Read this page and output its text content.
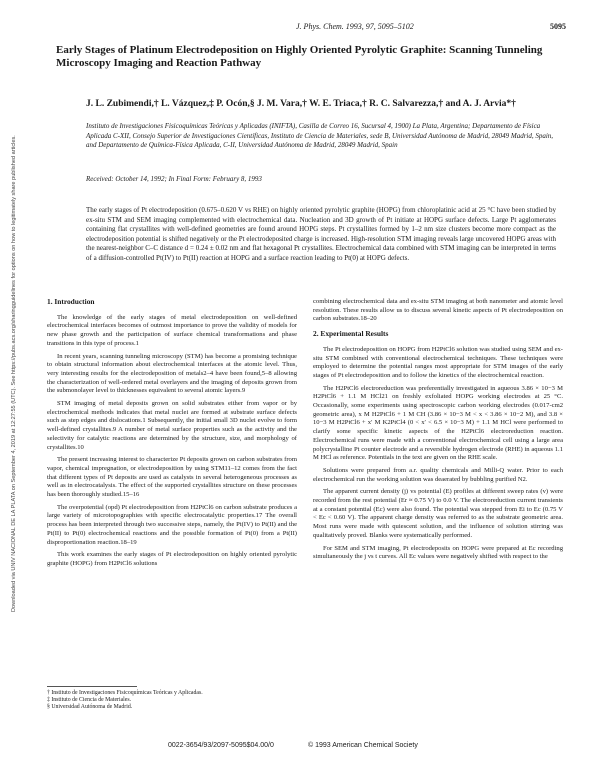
J. Phys. Chem. 1993, 97, 5095–5102	5095
Early Stages of Platinum Electrodeposition on Highly Oriented Pyrolytic Graphite: Scanning Tunneling Microscopy Imaging and Reaction Pathway
J. L. Zubimendi,† L. Vázquez,‡ P. Ocón,§ J. M. Vara,† W. E. Triaca,† R. C. Salvarezza,† and A. J. Arvia*†
Instituto de Investigaciones Fisicoquímicas Teóricas y Aplicadas (INIFTA), Casilla de Correo 16, Sucursal 4, 1900) La Plata, Argentina; Departamento de Física Aplicada C-XII, Consejo Superior de Investigaciones Científicas, Instituto de Ciencia de Materiales, sede B, Universidad Autónoma de Madrid, 28049 Madrid, Spain, and Departamento de Química-Física Aplicada, C-II, Universidad Autónoma de Madrid, 28049 Madrid, Spain
Received: October 14, 1992; In Final Form: February 8, 1993
The early stages of Pt electrodeposition (0.675–0.620 V vs RHE) on highly oriented pyrolytic graphite (HOPG) from chloroplatinic acid at 25 °C have been studied by ex-situ STM and SEM imaging complemented with electrochemical data. Nucleation and 3D growth of Pt initiate at HOPG surface defects. Large Pt agglomerates containing flat crystallites with well-defined geometries are found around HOPG steps. Pt crystallites formed by 1–2 nm size clusters become more compact as the electrodeposition potential is shifted negatively or the Pt electrodeposited charge is increased. High-resolution STM imaging reveals large uncovered HOPG areas with the nearest-neighbor C–C distance d = 0.24 ± 0.02 nm and flat hexagonal Pt crystallites. Electrochemical data combined with STM imaging can be interpreted in terms of a diffusion-controlled Pt(IV) to Pt(II) reaction at HOPG and a surface reaction leading to Pt(0) at HOPG defects.
Downloaded via UNIV NACIONAL DE LA PLATA on September 4, 2019 at 12:27:55 (UTC). See https://pubs.acs.org/sharingguidelines for options on how to legitimately share published articles.	1. Introduction

The knowledge of the early stages of metal electrodeposition on well-defined electrochemical interfaces becomes of outmost importance to prove the validity of models for new phase growth and the participation of surface chemical transformations and phase transitions in this type of process.1

In recent years, scanning tunneling microscopy (STM) has become a promising technique to obtain structural information about electrochemical interfaces at the atomic level. Thus, very interesting results for the electrodeposition of metals2–4 have been found,5–8 allowing the characterization of well-ordered metal overlayers and the imaging of deposits grown from the submonolayer level to thicknesses equivalent to several atomic layers.9

STM imaging of metal deposits grown on solid substrates either from vapor or by electrochemical methods indicates that metal nuclei are formed at substrate surface defects such as step edges and dislocations.1 Subsequently, the initial small 3D nuclei evolve to form well-defined crystallites.9 A number of metal surface properties such as the activity and the selectivity for catalytic reactions are determined by the structure, size, and morphology of crystallites.10

The present increasing interest to characterize Pt deposits grown on carbon substrates from vapor, chemical impregnation, or electrodeposition by using STM11–12 comes from the fact that different types of Pt deposits are used as catalysts in several heterogeneous processes as well as in electrocatalysis. The effect of the supported crystallites structure on these processes has been thoroughly studied.15–16

The overpotential (opd) Pt electrodeposition from H2PtCl6 on carbon substrate produces a large variety of microtopographies with specific electrocatalytic properties.17 The overall process has been interpreted through two successive steps, namely, the Pt(IV) to Pt(II) and the Pt(II) to Pt(0) electrochemical reactions and the possible formation of Pt(0) from a Pt(II) disproportionation reaction.18–19

This work examines the early stages of Pt electrodeposition on highly oriented pyrolytic graphite (HOPG) from H2PtCl6 solutions

† Instituto de Investigaciones Fisicoquímicas Teóricas y Aplicadas.
‡ Instituto de Ciencia de Materiales.
§ Universidad Autónoma de Madrid.

combining electrochemical data and ex-situ STM imaging at both nanometer and atomic level resolution. These results allow us to discuss several kinetic aspects of Pt electrodeposition on carbon substrates.18–20

2. Experimental Results

The Pt electrodeposition on HOPG from H2PtCl6 solution was studied using SEM and ex-situ STM combined with conventional electrochemical techniques. These techniques were employed to determine the potential ranges most appropriate for STM images of the early stages of Pt electrodeposition and to follow the kinetics of the electrochemical reaction.

The H2PtCl6 electroreduction was preferentially investigated in aqueous 3.86 × 10−3 M H2PtCl6 + 1.1 M HCl21 on freshly exfoliated HOPG working electrodes at 25 °C. Occasionally, some experiments using spectroscopic carbon working electrodes (0.017-cm2 geometric area), x M H2PtCl6 + 1 M CH (3.86 × 10−3 M < x < 3.86 × 10−2 M), and 3.8 × 10−3 M H2PtCl6 + x′ M K2PtCl4 (0 < x′ < 6.5 × 10−3 M) + 1.1 M HCl were performed to clarify some specific kinetic aspects of the H2PtCl6 electroreduction reaction. Electrochemical runs were made with a conventional electrochemical cell using a large area polycrystalline Pt counter electrode and a reversible hydrogen electrode (RHE) in aqueous 1.1 M HCl as reference. Potentials in the text are given on the RHE scale.

Solutions were prepared from a.r. quality chemicals and Milli-Q water. Prior to each electrochemical run the working solution was deaerated by bubbling purified N2.

The apparent current density (j) vs potential (E) profiles at different sweep rates (v) were recorded from the rest potential (Er ≈ 0.75 V) to 0.0 V. The electroreduction current transients at a constant potential (Ec) were also found. The potential was stepped from Ei to Ec (0.75 V < Ec < 0.60 V). The apparent charge density was referred to as the substrate geometric area. Most runs were made with quiescent solution, and the influence of solution stirring was qualitatively proved. Blanks were systematically performed.

For SEM and STM imaging, Pt electrodeposits on HOPG were prepared at Ec recording simultaneously the j vs t curves. All Ec values were negatively shifted with respect to the

0022-3654/93/2097-5095$04.00/0	© 1993 American Chemical Society
